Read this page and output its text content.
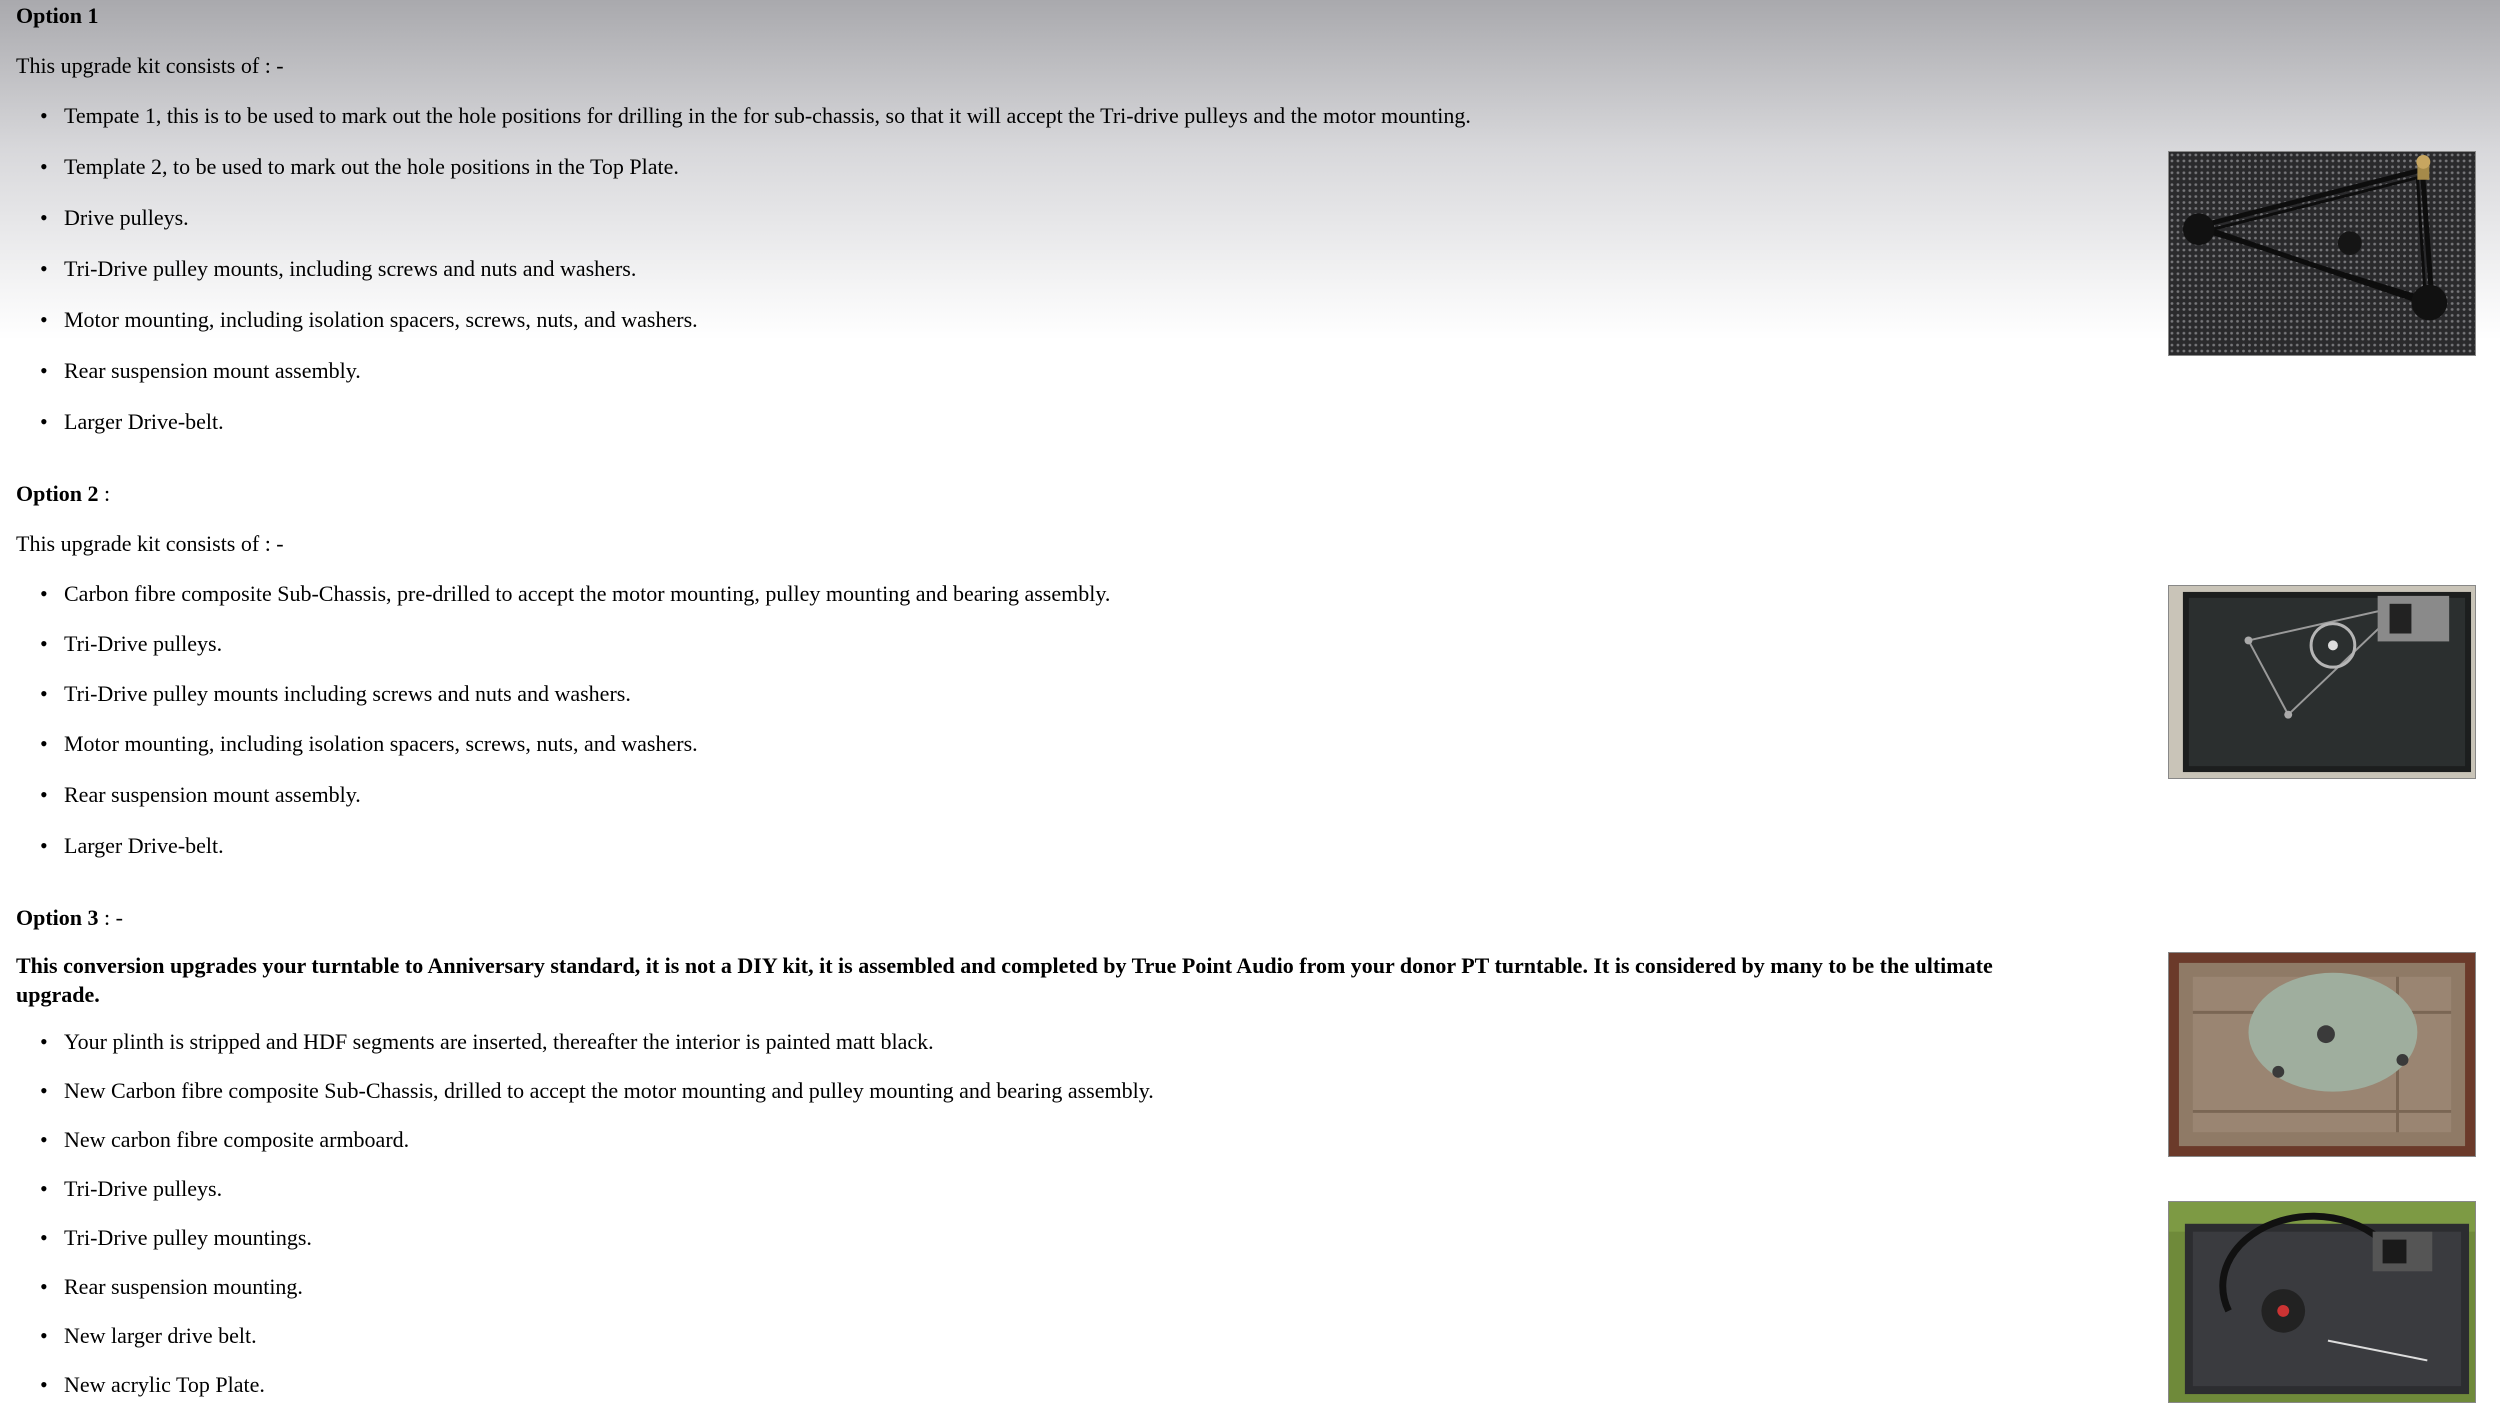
Option 1

This upgrade kit consists of : -

• Tempate 1, this is to be used to mark out the hole positions for drilling in the for sub-chassis, so that it will accept the Tri-drive pulleys and the motor mounting.
• Template 2, to be used to mark out the hole positions in the Top Plate.
• Drive pulleys.
• Tri-Drive pulley mounts, including screws and nuts and washers.
• Motor mounting, including isolation spacers, screws, nuts, and washers.
• Rear suspension mount assembly.
• Larger Drive-belt.

Option 2 :

This upgrade kit consists of : -

• Carbon fibre composite Sub-Chassis, pre-drilled to accept the motor mounting, pulley mounting and bearing assembly.
• Tri-Drive pulleys.
• Tri-Drive pulley mounts including screws and nuts and washers.
• Motor mounting, including isolation spacers, screws, nuts, and washers.
• Rear suspension mount assembly.
• Larger Drive-belt.

Option 3 : -

This conversion upgrades your turntable to Anniversary standard, it is not a DIY kit, it is assembled and completed by True Point Audio from your donor PT turntable. It is considered by many to be the ultimate upgrade.

• Your plinth is stripped and HDF segments are inserted, thereafter the interior is painted matt black.
• New Carbon fibre composite Sub-Chassis, drilled to accept the motor mounting and pulley mounting and bearing assembly.
• New carbon fibre composite armboard.
• Tri-Drive pulleys.
• Tri-Drive pulley mountings.
• Rear suspension mounting.
• New larger drive belt.
• New acrylic Top Plate.
